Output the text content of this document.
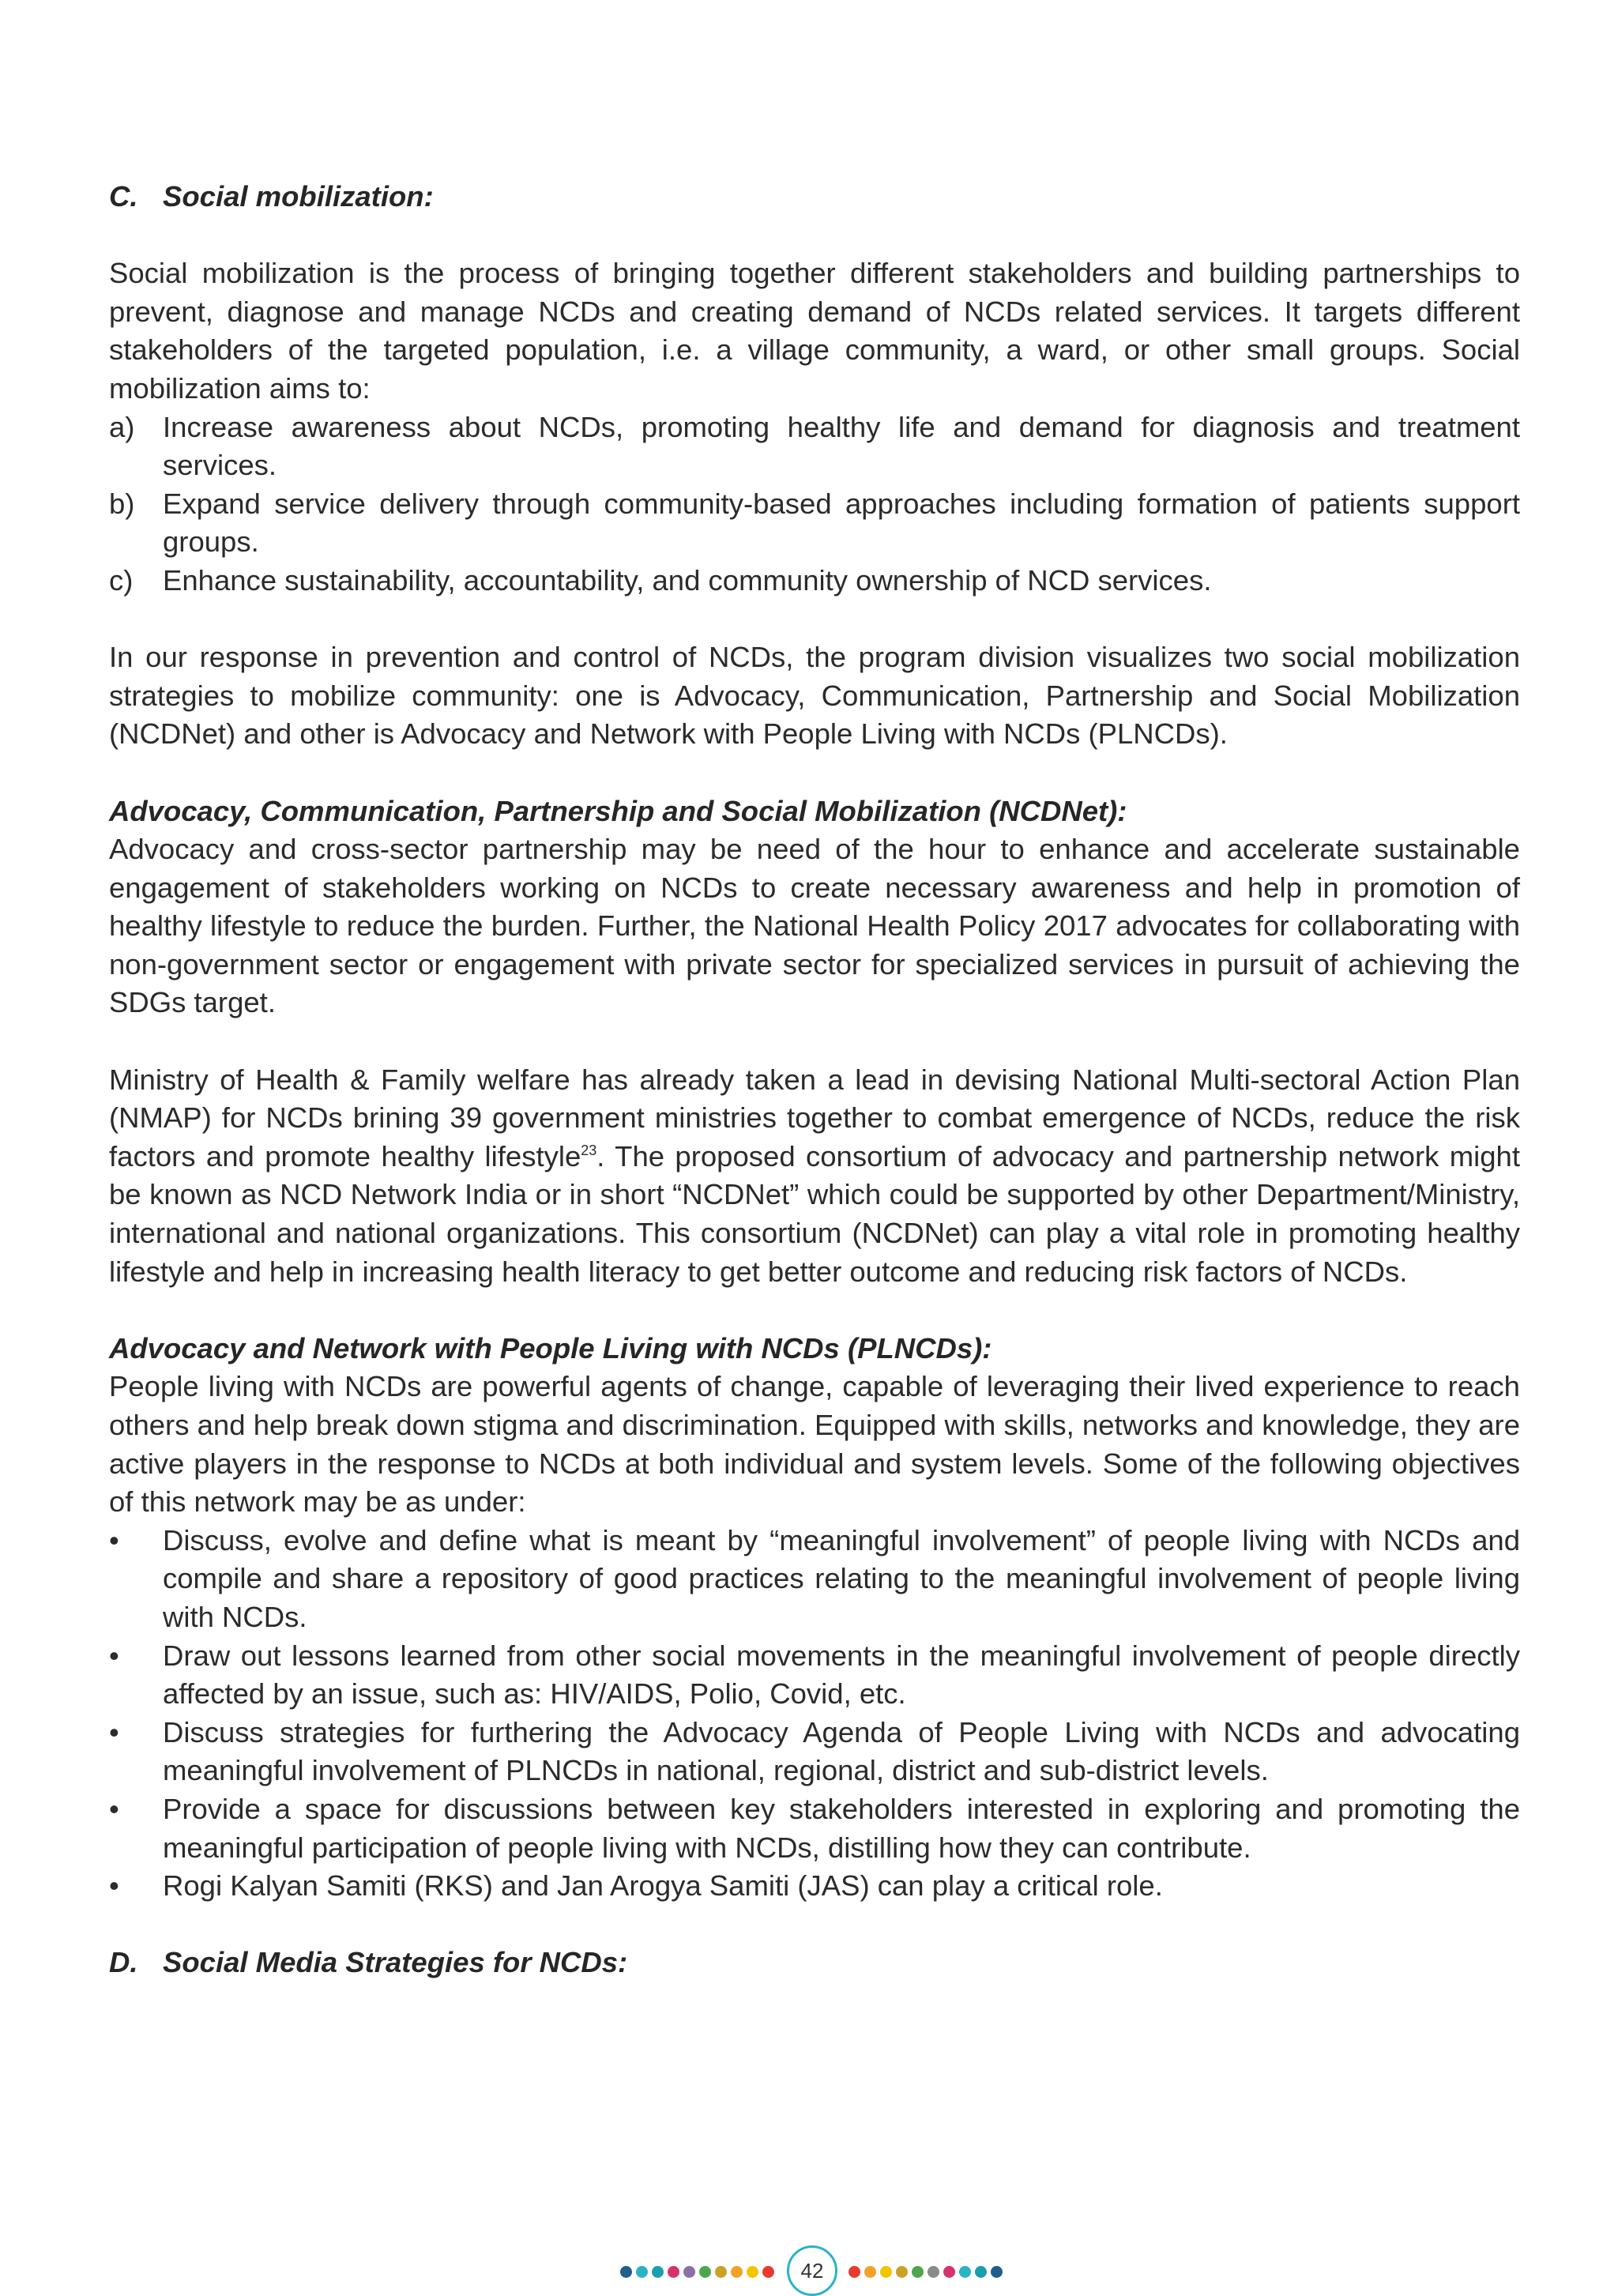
C. Social mobilization:

Social mobilization is the process of bringing together different stakeholders and building partnerships to prevent, diagnose and manage NCDs and creating demand of NCDs related services. It targets different stakeholders of the targeted population, i.e. a village community, a ward, or other small groups. Social mobilization aims to:

a) Increase awareness about NCDs, promoting healthy life and demand for diagnosis and treatment services.
b) Expand service delivery through community-based approaches including formation of patients support groups.
c) Enhance sustainability, accountability, and community ownership of NCD services.

In our response in prevention and control of NCDs, the program division visualizes two social mobilization strategies to mobilize community: one is Advocacy, Communication, Partnership and Social Mobilization (NCDNet) and other is Advocacy and Network with People Living with NCDs (PLNCDs).

Advocacy, Communication, Partnership and Social Mobilization (NCDNet):

Advocacy and cross-sector partnership may be need of the hour to enhance and accelerate sustainable engagement of stakeholders working on NCDs to create necessary awareness and help in promotion of healthy lifestyle to reduce the burden. Further, the National Health Policy 2017 advocates for collaborating with non-government sector or engagement with private sector for specialized services in pursuit of achieving the SDGs target.

Ministry of Health & Family welfare has already taken a lead in devising National Multi-sectoral Action Plan (NMAP) for NCDs brining 39 government ministries together to combat emergence of NCDs, reduce the risk factors and promote healthy lifestyle$^{23}$. The proposed consortium of advocacy and partnership network might be known as NCD Network India or in short “NCDNet” which could be supported by other Department/Ministry, international and national organizations. This consortium (NCDNet) can play a vital role in promoting healthy lifestyle and help in increasing health literacy to get better outcome and reducing risk factors of NCDs.

Advocacy and Network with People Living with NCDs (PLNCDs):

People living with NCDs are powerful agents of change, capable of leveraging their lived experience to reach others and help break down stigma and discrimination. Equipped with skills, networks and knowledge, they are active players in the response to NCDs at both individual and system levels. Some of the following objectives of this network may be as under:

• Discuss, evolve and define what is meant by “meaningful involvement” of people living with NCDs and compile and share a repository of good practices relating to the meaningful involvement of people living with NCDs.
• Draw out lessons learned from other social movements in the meaningful involvement of people directly affected by an issue, such as: HIV/AIDS, Polio, Covid, etc.
• Discuss strategies for furthering the Advocacy Agenda of People Living with NCDs and advocating meaningful involvement of PLNCDs in national, regional, district and sub-district levels.
• Provide a space for discussions between key stakeholders interested in exploring and promoting the meaningful participation of people living with NCDs, distilling how they can contribute.
• Rogi Kalyan Samiti (RKS) and Jan Arogya Samiti (JAS) can play a critical role.

D. Social Media Strategies for NCDs:

42
